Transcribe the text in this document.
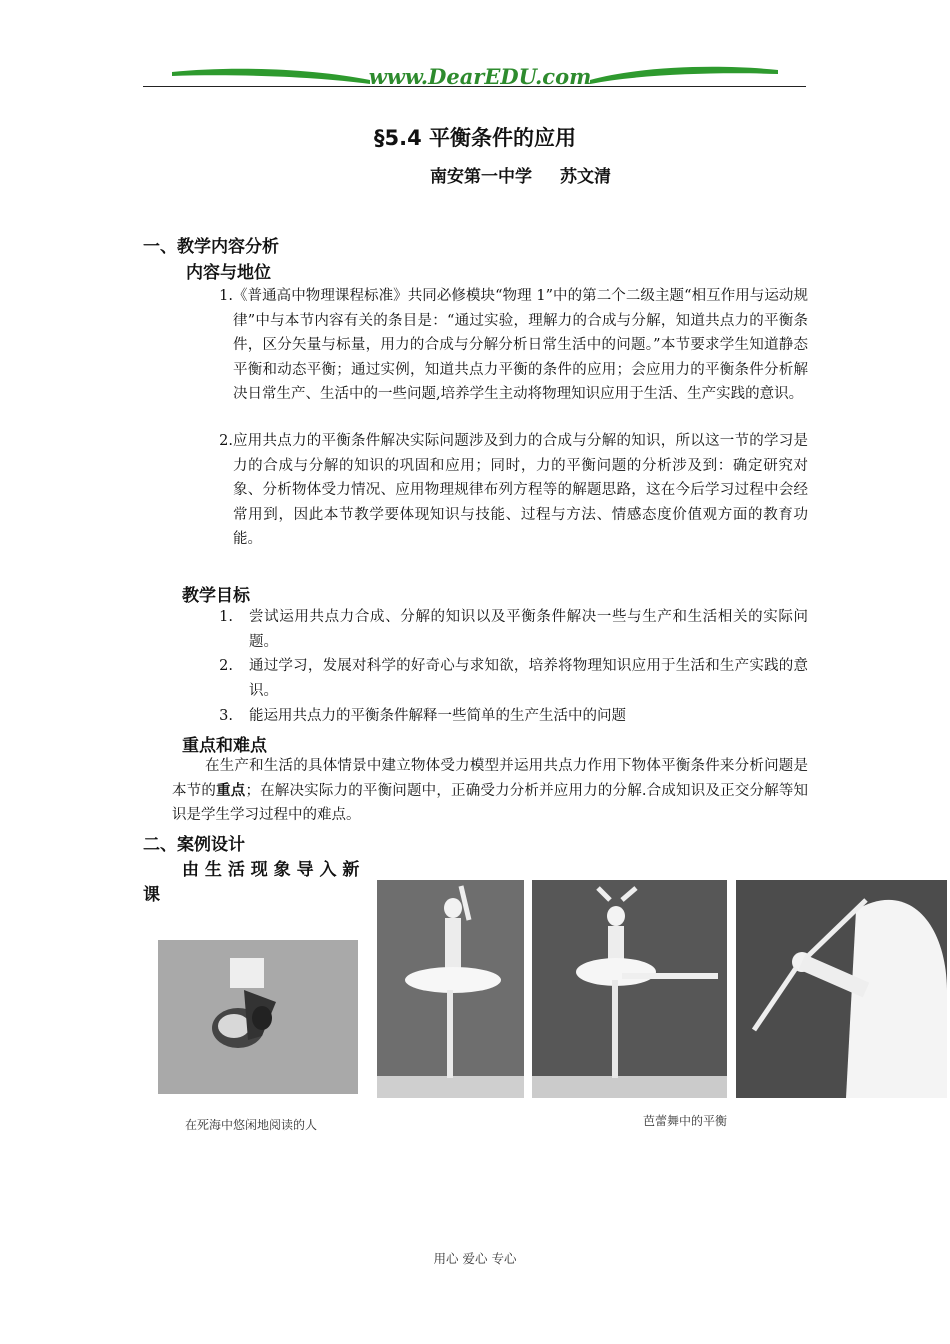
www.DearEDU.com
§5.4 平衡条件的应用
南安第一中学 苏文清
一、教学内容分析
内容与地位
1. 《普通高中物理课程标准》共同必修模块“物理 1”中的第二个二级主题“相互作用与运动规律”中与本节内容有关的条目是：“通过实验，理解力的合成与分解，知道共点力的平衡条件，区分矢量与标量，用力的合成与分解分析日常生活中的问题。”本节要求学生知道静态平衡和动态平衡；通过实例，知道共点力平衡的条件的应用；会应用力的平衡条件分析解决日常生产、生活中的一些问题,培养学生主动将物理知识应用于生活、生产实践的意识。
2. 应用共点力的平衡条件解决实际问题涉及到力的合成与分解的知识，所以这一节的学习是力的合成与分解的知识的巩固和应用；同时，力的平衡问题的分析涉及到：确定研究对象、分析物体受力情况、应用物理规律布列方程等的解题思路，这在今后学习过程中会经常用到，因此本节教学要体现知识与技能、过程与方法、情感态度价值观方面的教育功能。
教学目标
1. 尝试运用共点力合成、分解的知识以及平衡条件解决一些与生产和生活相关的实际问题。
2. 通过学习，发展对科学的好奇心与求知欲，培养将物理知识应用于生活和生产实践的意识。
3. 能运用共点力的平衡条件解释一些简单的生产生活中的问题
重点和难点
在生产和生活的具体情景中建立物体受力模型并运用共点力作用下物体平衡条件来分析问题是本节的重点；在解决实际力的平衡问题中，正确受力分析并应用力的分解.合成知识及正交分解等知识是学生学习过程中的难点。
二、案例设计
由 生 活 现 象 导 入 新
课
在死海中悠闲地阅读的人	芭蕾舞中的平衡
用心 爱心 专心
